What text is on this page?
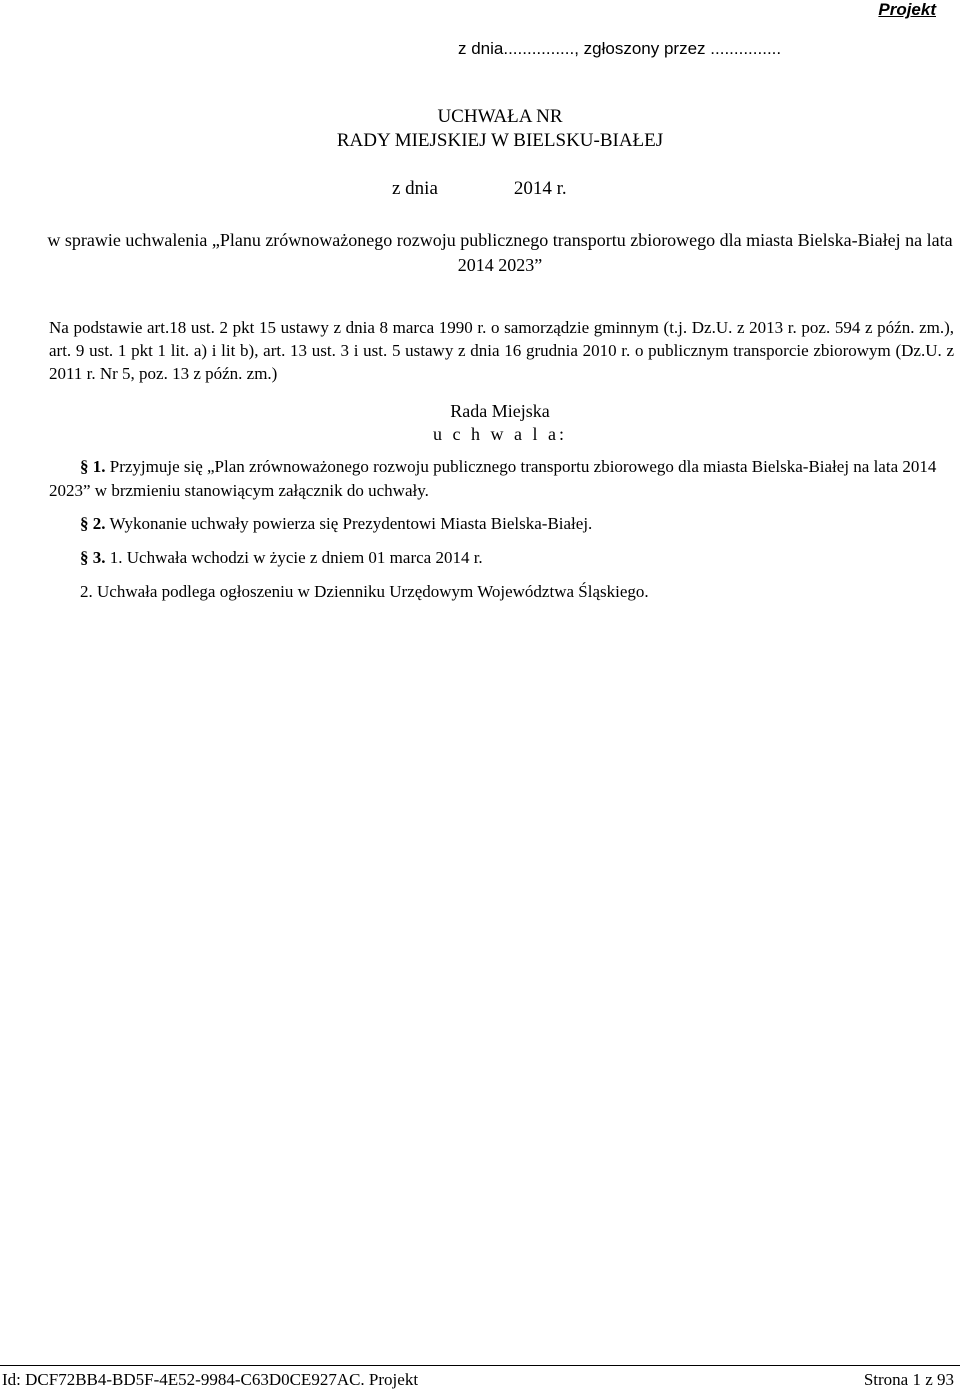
Projekt
z dnia..............., zgłoszony przez ...............
UCHWAŁA NR
RADY MIEJSKIEJ W BIELSKU-BIAŁEJ
z dnia                2014 r.
w sprawie uchwalenia „Planu zrównoważonego rozwoju publicznego transportu zbiorowego dla miasta Bielska-Białej na lata 2014 2023”
Na podstawie art.18 ust. 2 pkt 15 ustawy z dnia 8 marca 1990 r. o samorządzie gminnym (t.j. Dz.U. z 2013 r. poz. 594 z późn. zm.), art. 9 ust. 1 pkt 1 lit. a) i lit b), art. 13 ust. 3 i ust. 5 ustawy z dnia 16 grudnia 2010 r. o publicznym transporcie zbiorowym (Dz.U. z 2011 r. Nr 5, poz. 13 z późn. zm.)
Rada Miejska
u c h w a l a:
§ 1. Przyjmuje się „Plan zrównoważonego rozwoju publicznego transportu zbiorowego dla miasta Bielska-Białej na lata 2014 2023” w brzmieniu stanowiącym załącznik do uchwały.
§ 2. Wykonanie uchwały powierza się Prezydentowi Miasta Bielska-Białej.
§ 3. 1. Uchwała wchodzi w życie z dniem 01 marca 2014 r.
2. Uchwała podlega ogłoszeniu w Dzienniku Urzędowym Województwa Śląskiego.
Id: DCF72BB4-BD5F-4E52-9984-C63D0CE927AC. Projekt	Strona 1 z 93
